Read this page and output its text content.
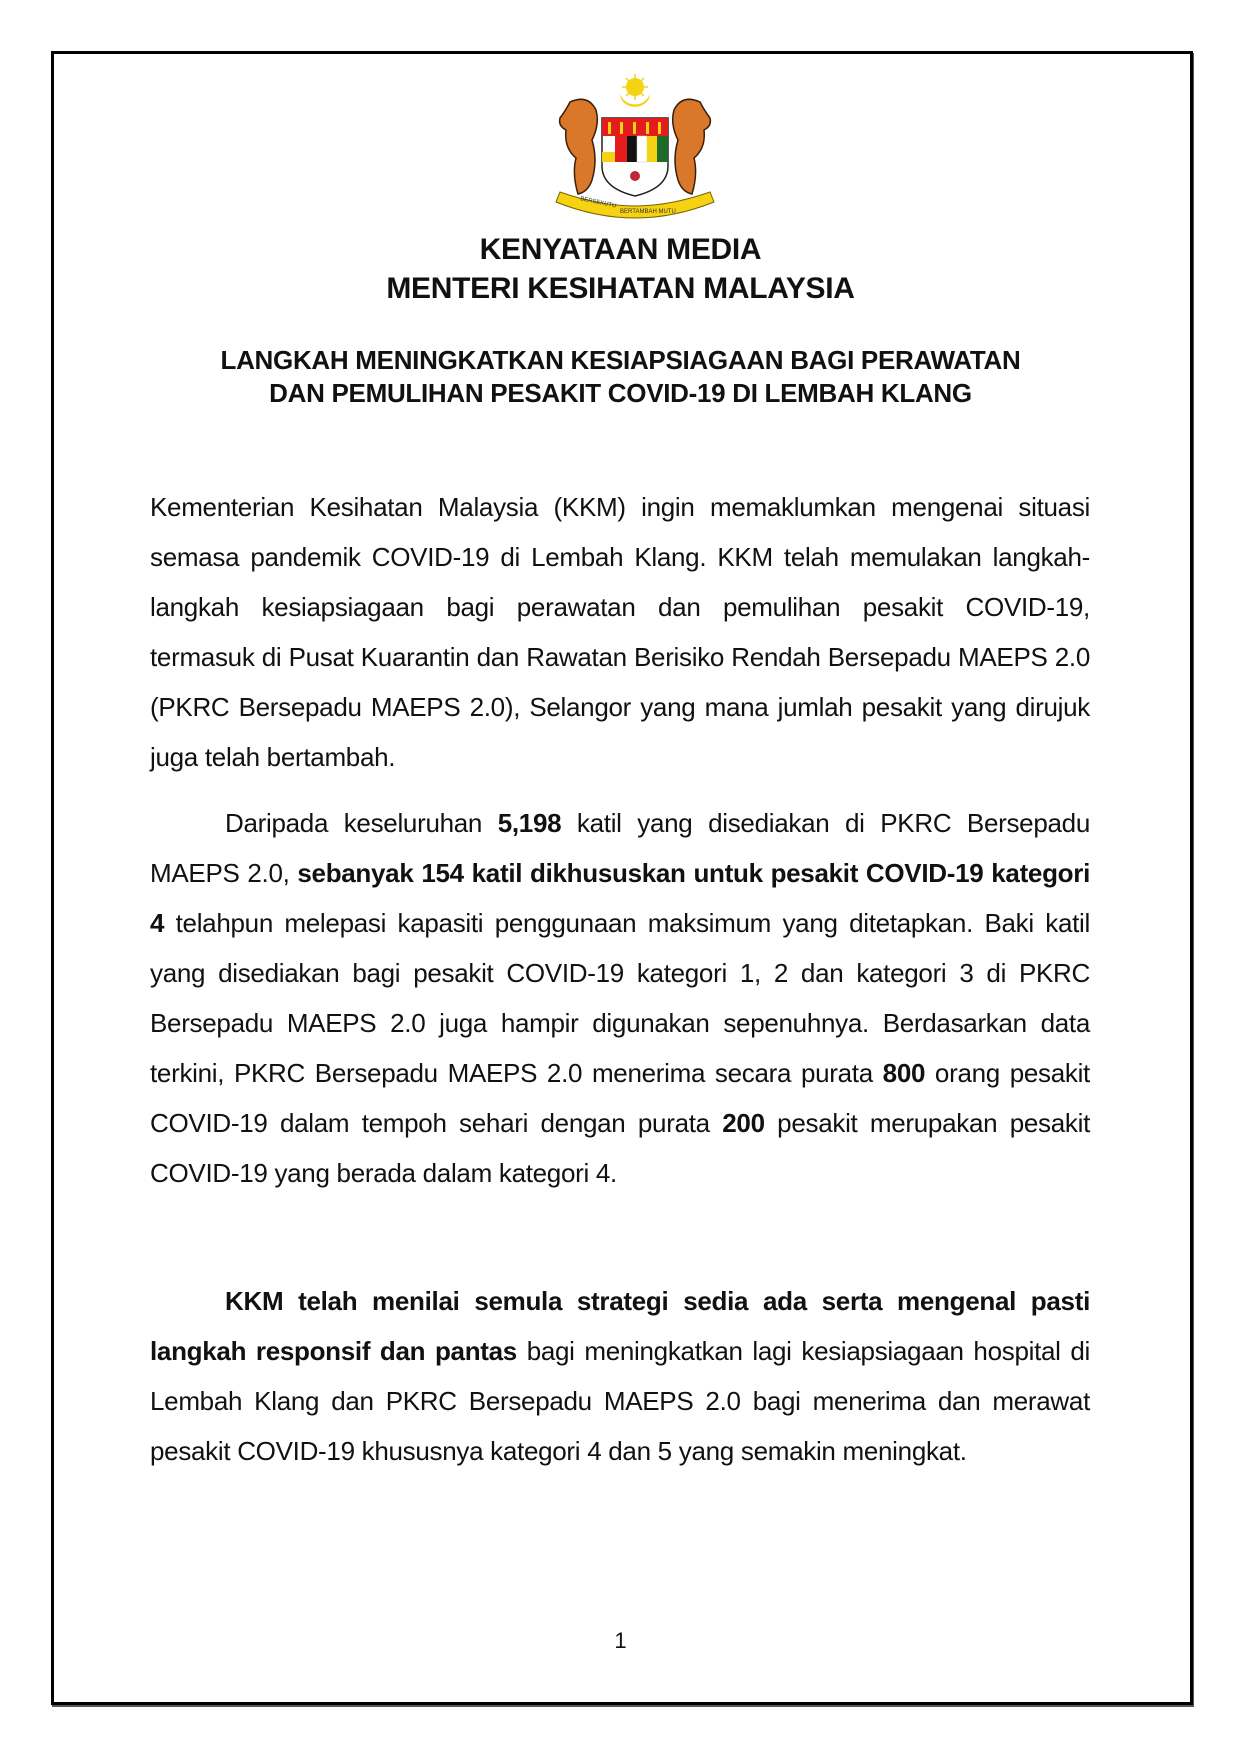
BERSEKUTU
BERTAMBAH MUTU
KENYATAAN MEDIA
MENTERI KESIHATAN MALAYSIA
LANGKAH MENINGKATKAN KESIAPSIAGAAN BAGI PERAWATAN
DAN PEMULIHAN PESAKIT COVID-19 DI LEMBAH KLANG
Kementerian Kesihatan Malaysia (KKM) ingin memaklumkan mengenai situasi semasa pandemik COVID-19 di Lembah Klang. KKM telah memulakan langkah-langkah kesiapsiagaan bagi perawatan dan pemulihan pesakit COVID-19, termasuk di Pusat Kuarantin dan Rawatan Berisiko Rendah Bersepadu MAEPS 2.0 (PKRC Bersepadu MAEPS 2.0), Selangor yang mana jumlah pesakit yang dirujuk juga telah bertambah.
Daripada keseluruhan 5,198 katil yang disediakan di PKRC Bersepadu MAEPS 2.0, sebanyak 154 katil dikhususkan untuk pesakit COVID-19 kategori 4 telahpun melepasi kapasiti penggunaan maksimum yang ditetapkan. Baki katil yang disediakan bagi pesakit COVID-19 kategori 1, 2 dan kategori 3 di PKRC Bersepadu MAEPS 2.0 juga hampir digunakan sepenuhnya. Berdasarkan data terkini, PKRC Bersepadu MAEPS 2.0 menerima secara purata 800 orang pesakit COVID-19 dalam tempoh sehari dengan purata 200 pesakit merupakan pesakit COVID-19 yang berada dalam kategori 4.
KKM telah menilai semula strategi sedia ada serta mengenal pasti langkah responsif dan pantas bagi meningkatkan lagi kesiapsiagaan hospital di Lembah Klang dan PKRC Bersepadu MAEPS 2.0 bagi menerima dan merawat pesakit COVID-19 khususnya kategori 4 dan 5 yang semakin meningkat.
1
